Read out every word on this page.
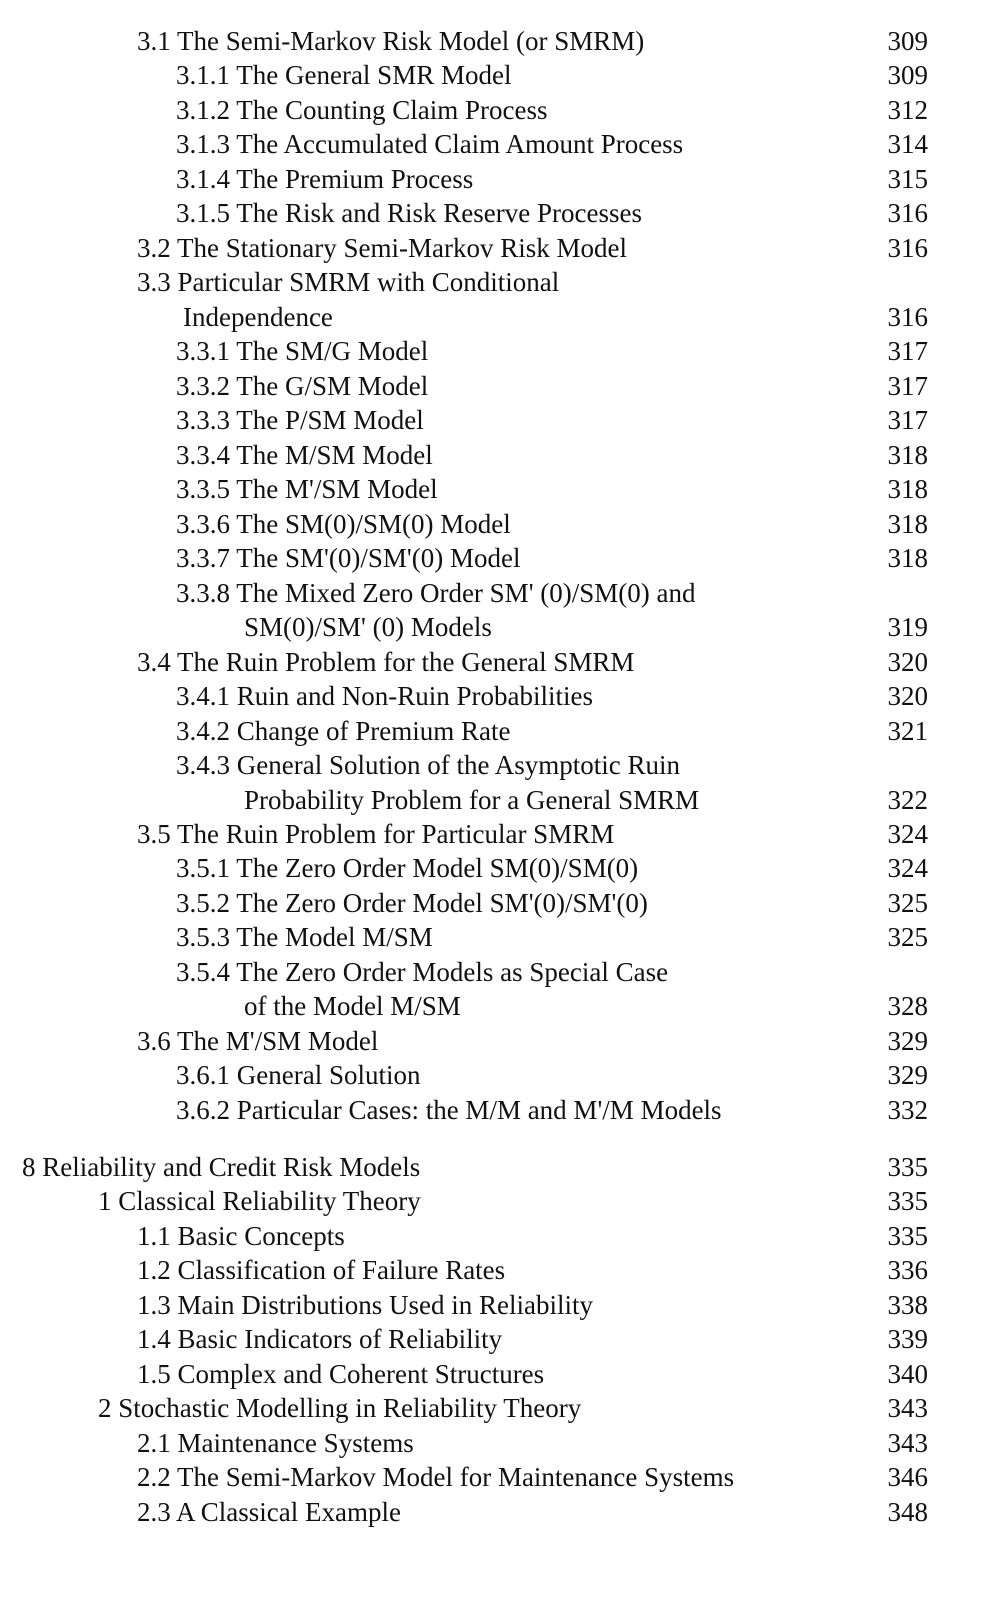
3.1 The Semi-Markov Risk Model (or SMRM)	309
3.1.1 The General SMR Model	309
3.1.2 The Counting Claim Process	312
3.1.3 The Accumulated Claim Amount Process	314
3.1.4 The Premium Process	315
3.1.5 The Risk and Risk Reserve Processes	316
3.2 The Stationary Semi-Markov Risk Model	316
3.3 Particular SMRM with Conditional
Independence	316
3.3.1 The SM/G Model	317
3.3.2 The G/SM Model	317
3.3.3 The P/SM Model	317
3.3.4 The M/SM Model	318
3.3.5 The M'/SM Model	318
3.3.6 The SM(0)/SM(0) Model	318
3.3.7 The SM'(0)/SM'(0) Model	318
3.3.8 The Mixed Zero Order SM' (0)/SM(0) and
SM(0)/SM' (0) Models	319
3.4 The Ruin Problem for the General SMRM	320
3.4.1 Ruin and Non-Ruin Probabilities	320
3.4.2 Change of Premium Rate	321
3.4.3 General Solution of the Asymptotic Ruin
Probability Problem for a General SMRM	322
3.5 The Ruin Problem for Particular SMRM	324
3.5.1 The Zero Order Model SM(0)/SM(0)	324
3.5.2 The Zero Order Model SM'(0)/SM'(0)	325
3.5.3 The Model M/SM	325
3.5.4 The Zero Order Models as Special Case
of the Model M/SM	328
3.6 The M'/SM Model	329
3.6.1 General Solution	329
3.6.2 Particular Cases: the M/M and M'/M Models	332
8 Reliability and Credit Risk Models	335
1 Classical Reliability Theory	335
1.1 Basic Concepts	335
1.2 Classification of Failure Rates	336
1.3 Main Distributions Used in Reliability	338
1.4 Basic Indicators of Reliability	339
1.5 Complex and Coherent Structures	340
2 Stochastic Modelling in Reliability Theory	343
2.1 Maintenance Systems	343
2.2 The Semi-Markov Model for Maintenance Systems	346
2.3 A Classical Example	348
